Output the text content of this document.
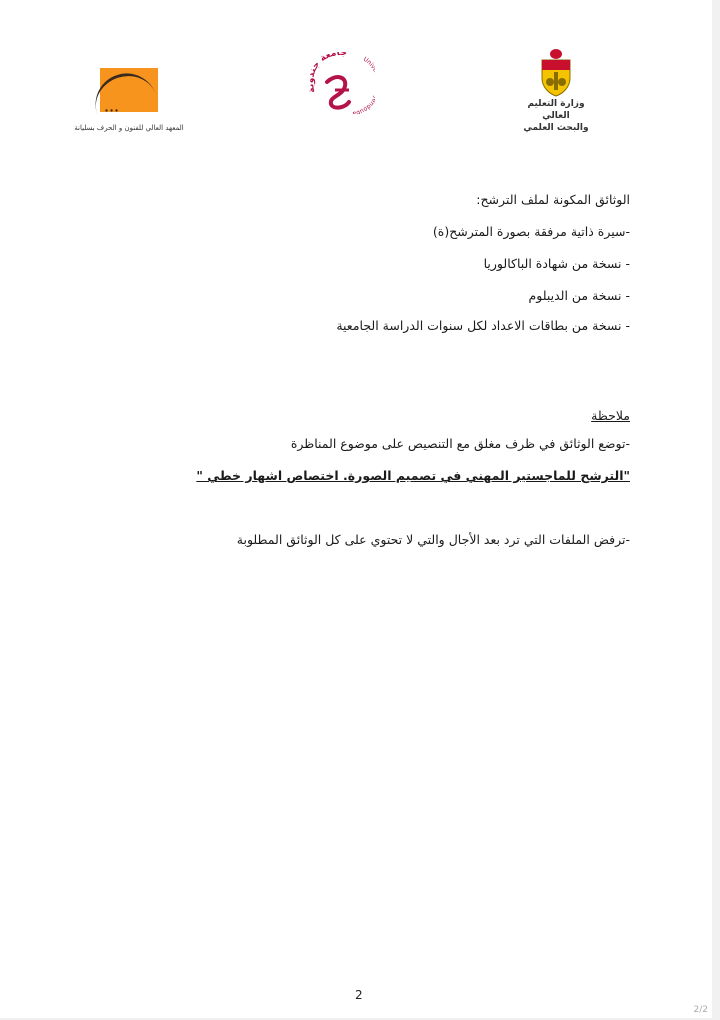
∙∙∙
المعهد العالي للفنون و الحرف بسليانة
جامعة جندوبة
Uni ndouba
وزارة التعليم العالي
والبحث العلمي
الوثائق المكونة لملف الترشح:
-سيرة ذاتية مرفقة بصورة المترشح(ة)
- نسخة من شهادة الباكالوريا
- نسخة من الديبلوم
- نسخة من بطاقات الاعداد لكل سنوات الدراسة الجامعية
ملاحظة
-توضع الوثائق في ظرف مغلق مع التنصيص على موضوع المناظرة
"الترشح للماجستير المهني في تصميم الصورة. اختصاص اشهار خطي "
-ترفض الملفات التي ترد بعد الأجال والتي لا تحتوي على كل الوثائق المطلوبة
2
2/2
